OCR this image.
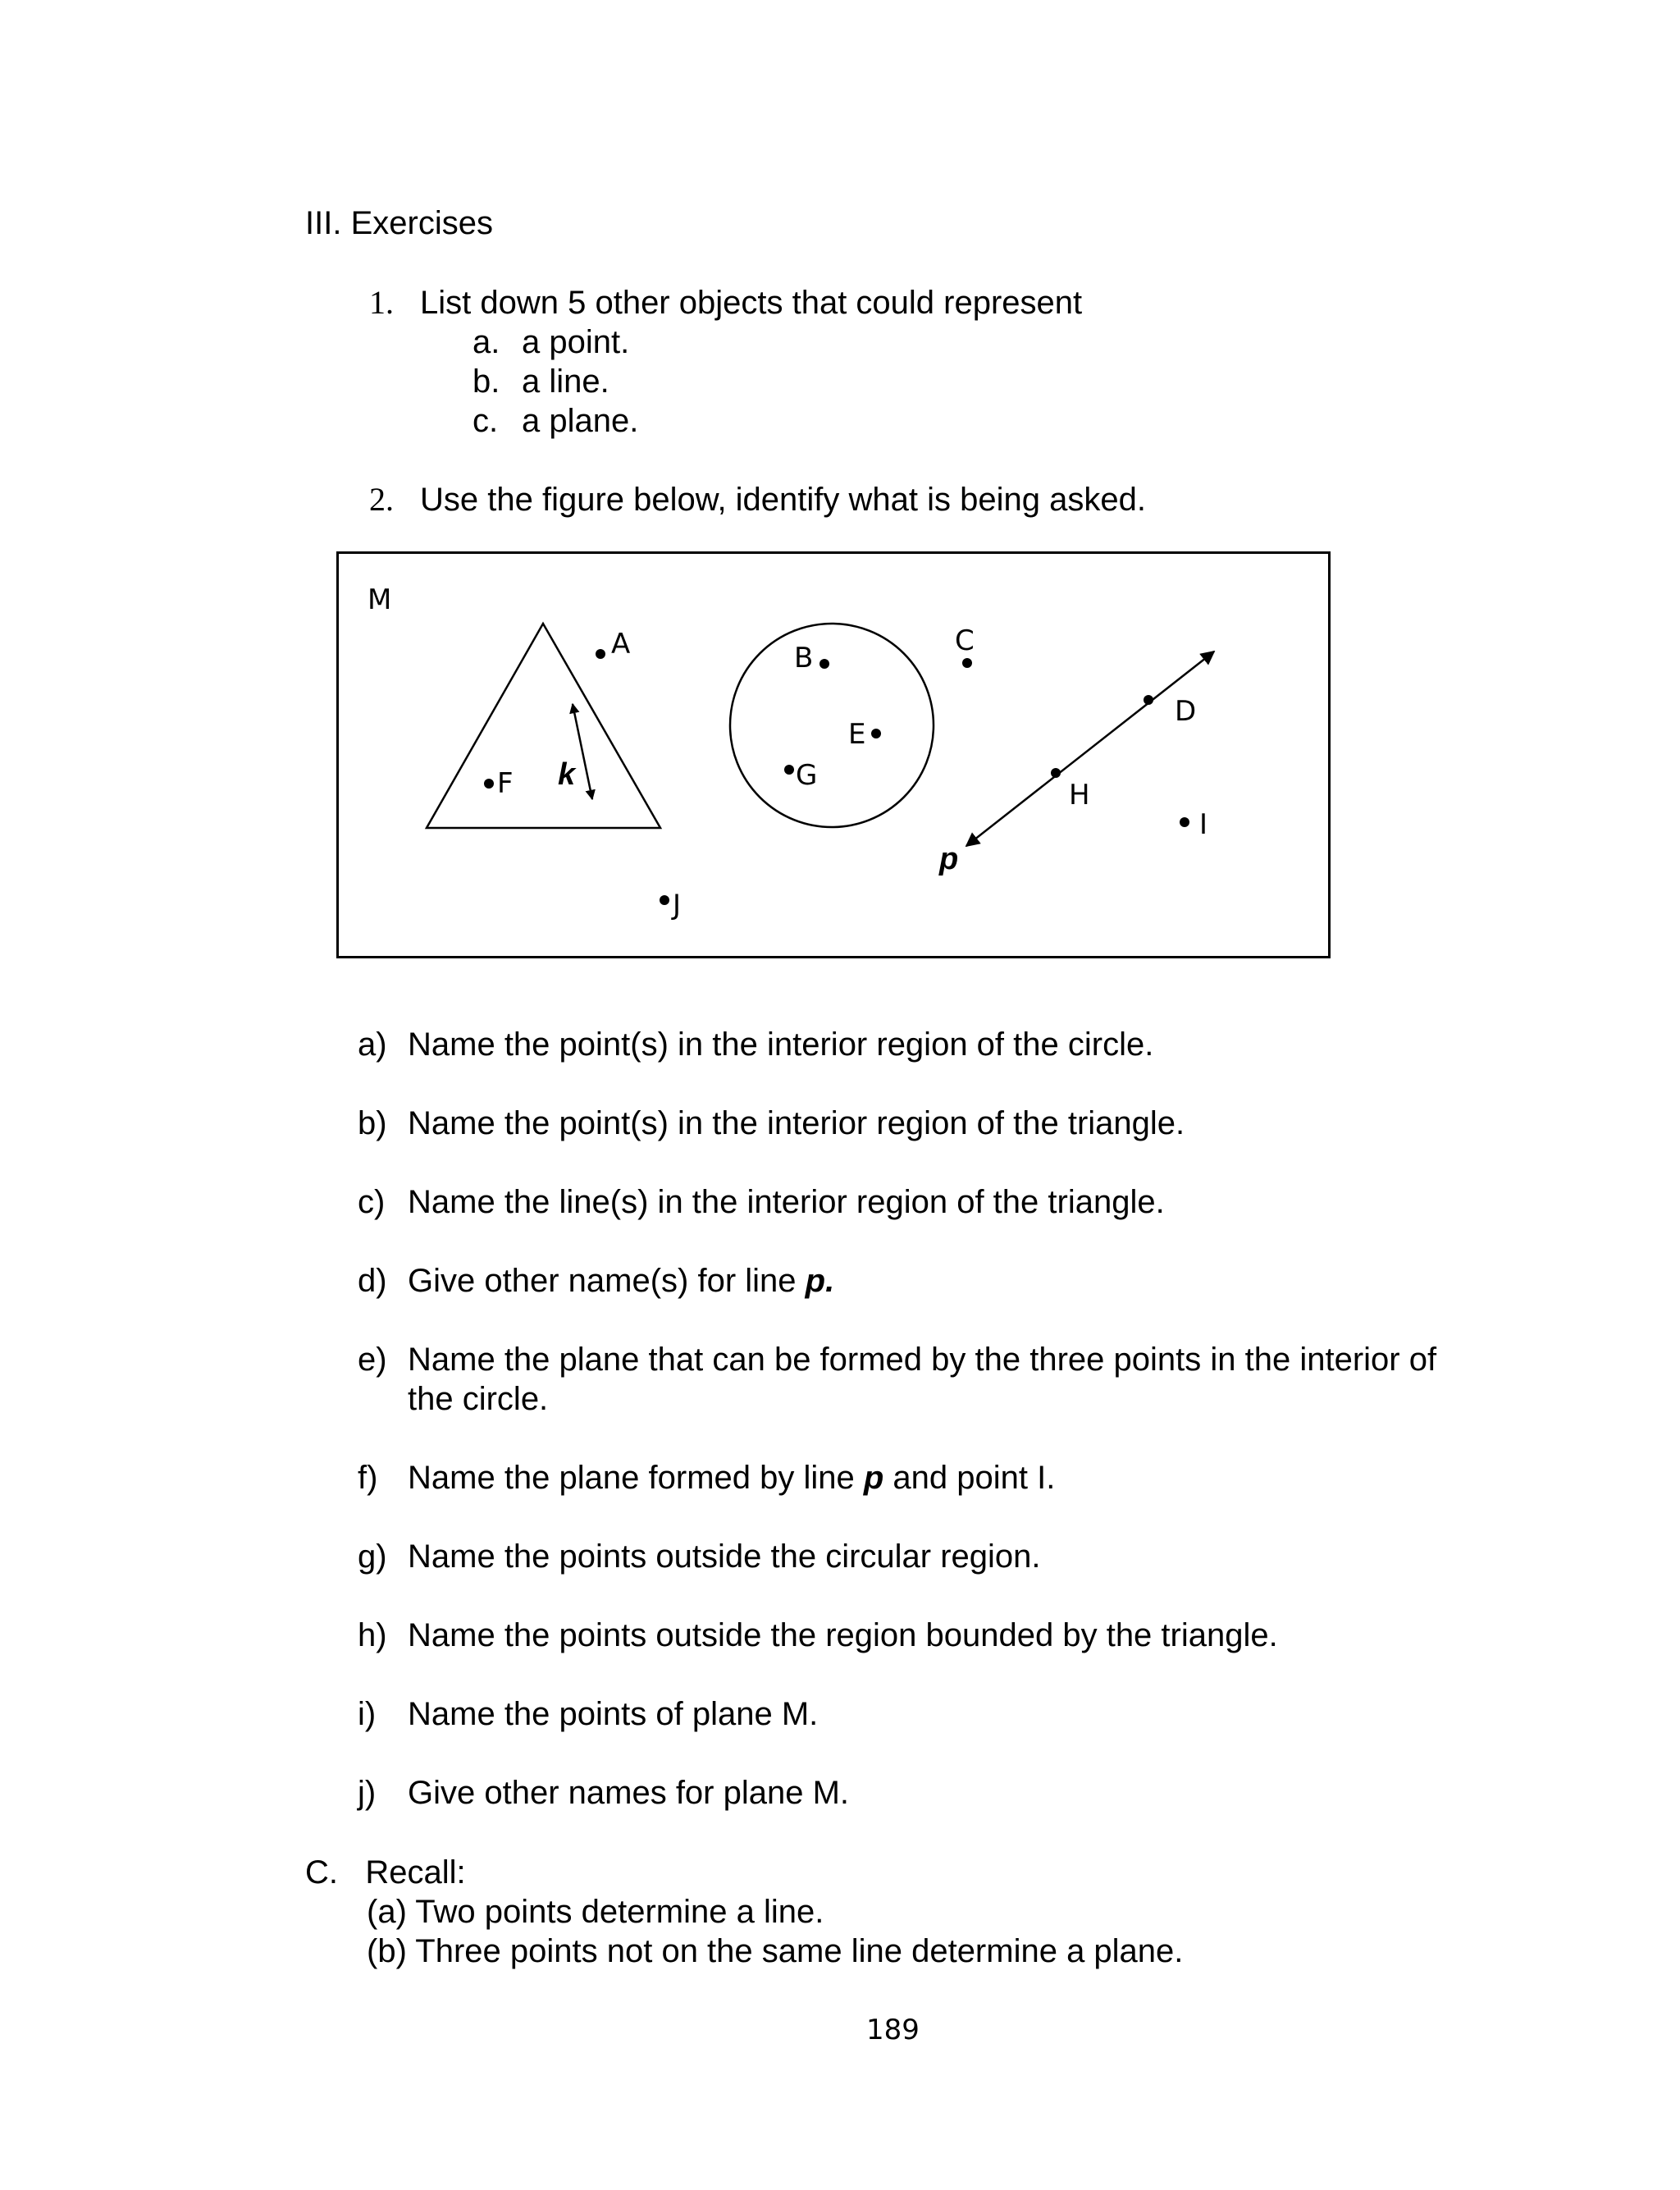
III. Exercises
1. List down 5 other objects that could represent
a. a point.
b. a line.
c. a plane.
2. Use the figure below, identify what is being asked.
M
k
p
A	B
E
G
F
C
D
H
I
J
a) Name the point(s) in the interior region of the circle.
b) Name the point(s) in the interior region of the triangle.
c) Name the line(s) in the interior region of the triangle.
d) Give other name(s) for line p.
e) Name the plane that can be formed by the three points in the interior of
the circle.
f) Name the plane formed by line p and point I.
g) Name the points outside the circular region.
h) Name the points outside the region bounded by the triangle.
i) Name the points of plane M.
j) Give other names for plane M.
C.   Recall:
(a) Two points determine a line.
(b) Three points not on the same line determine a plane.
189
